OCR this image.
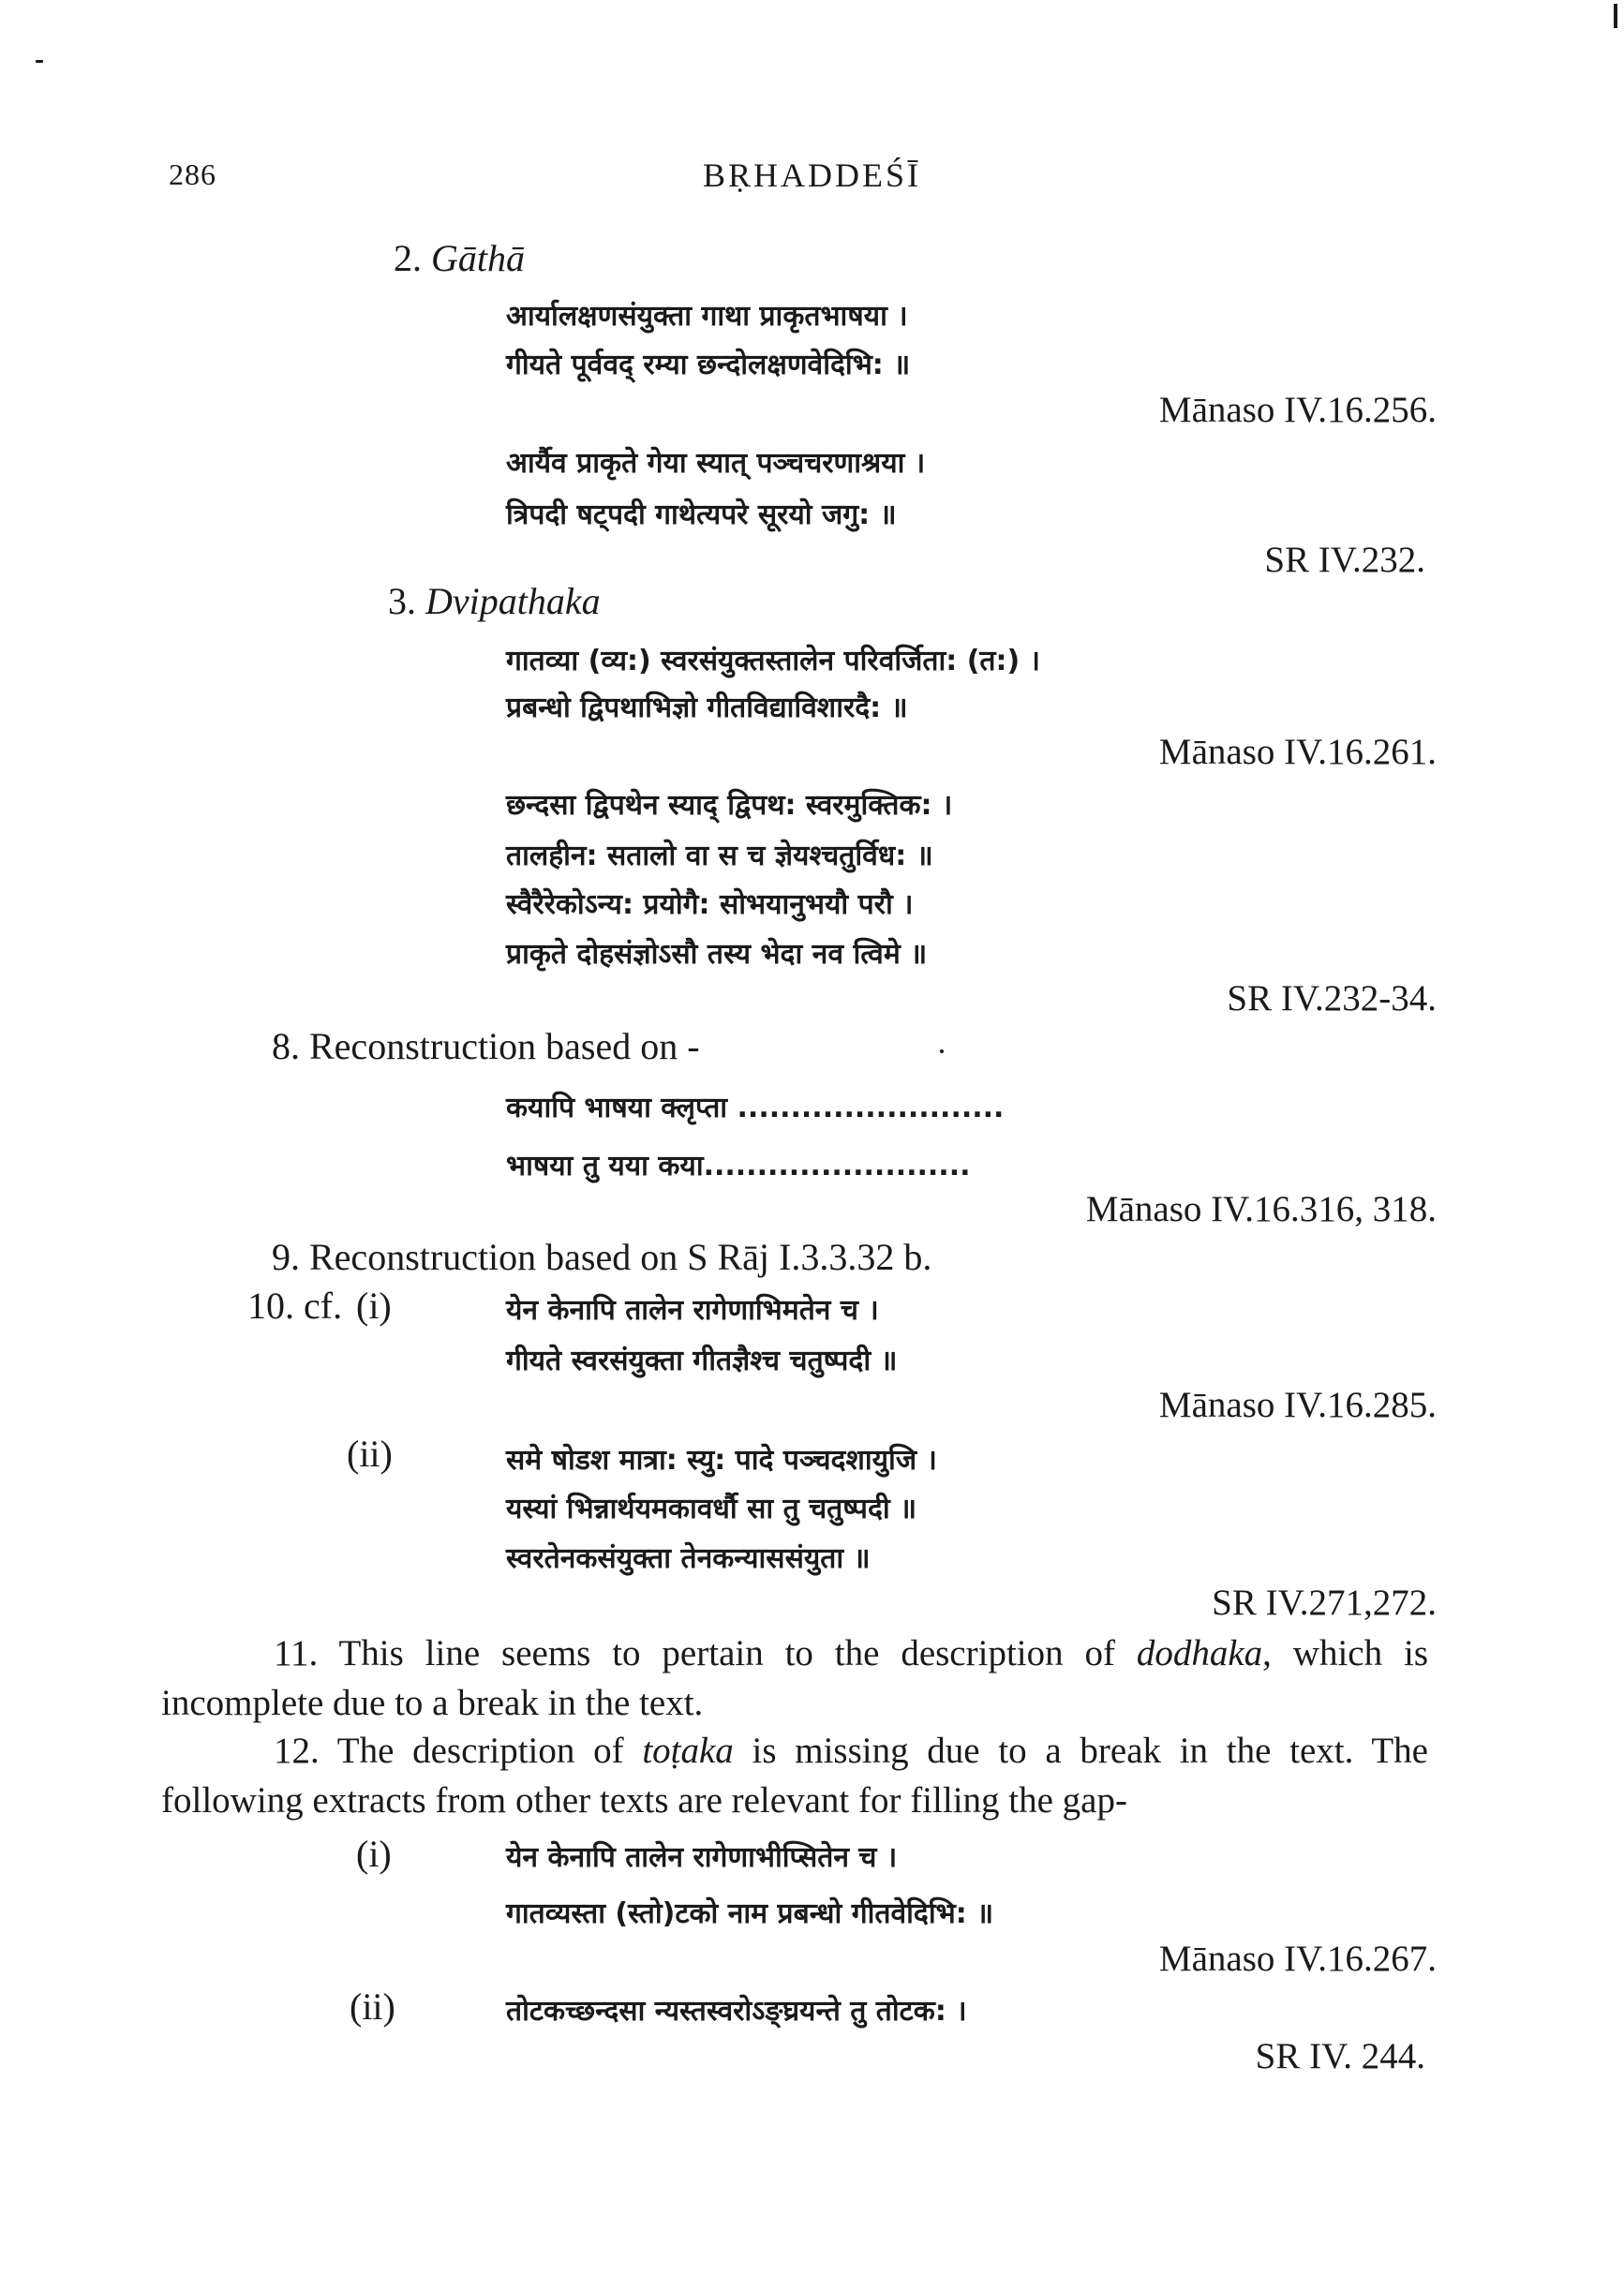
286	BṚHADDEŚĪ
2. Gāthā
आर्यालक्षणसंयुक्ता गाथा प्राकृतभाषया ।
गीयते पूर्ववद् रम्या छन्दोलक्षणवेदिभि: ॥
Mānaso IV.16.256.
आर्यैव प्राकृते गेया स्यात् पञ्चचरणाश्रया ।
त्रिपदी षट्पदी गाथेत्यपरे सूरयो जगु: ॥
SR IV.232.
3. Dvipathaka
गातव्या (व्य:) स्वरसंयुक्तस्तालेन परिवर्जिता: (त:) ।
प्रबन्धो द्विपथाभिज्ञो गीतविद्याविशारदै: ॥
Mānaso IV.16.261.
छन्दसा द्विपथेन स्याद् द्विपथ: स्वरमुक्तिक: ।
तालहीन: सतालो वा स च ज्ञेयश्चतुर्विध: ॥
स्वैरैरेकोऽन्य: प्रयोगै: सोभयानुभयौ परौ ।
प्राकृते दोहसंज्ञोऽसौ तस्य भेदा नव त्विमे ॥
SR IV.232-34.
8. Reconstruction based on -
कयापि भाषया क्लृप्ता .........................
भाषया तु यया कया.........................
Mānaso IV.16.316, 318.
9. Reconstruction based on S Rāj I.3.3.32 b.
10. cf. (i)	येन केनापि तालेन रागेणाभिमतेन च ।
गीयते स्वरसंयुक्ता गीतज्ञैश्च चतुष्पदी ॥
Mānaso IV.16.285.
(ii)	समे षोडश मात्रा: स्यु: पादे पञ्चदशायुजि ।
यस्यां भिन्नार्थयमकावर्धौ सा तु चतुष्पदी ॥
स्वरतेनकसंयुक्ता तेनकन्याससंयुता ॥
SR IV.271,272.
11. This line seems to pertain to the description of dodhaka, which is incomplete due to a break in the text.
12. The description of toṭaka is missing due to a break in the text. The following extracts from other texts are relevant for filling the gap-
(i)	येन केनापि तालेन रागेणाभीप्सितेन च ।
गातव्यस्ता (स्तो)टको नाम प्रबन्धो गीतवेदिभि: ॥
Mānaso IV.16.267.
(ii)	तोटकच्छन्दसा न्यस्तस्वरोऽङ्घ्रयन्ते तु तोटक: ।
SR IV. 244.
